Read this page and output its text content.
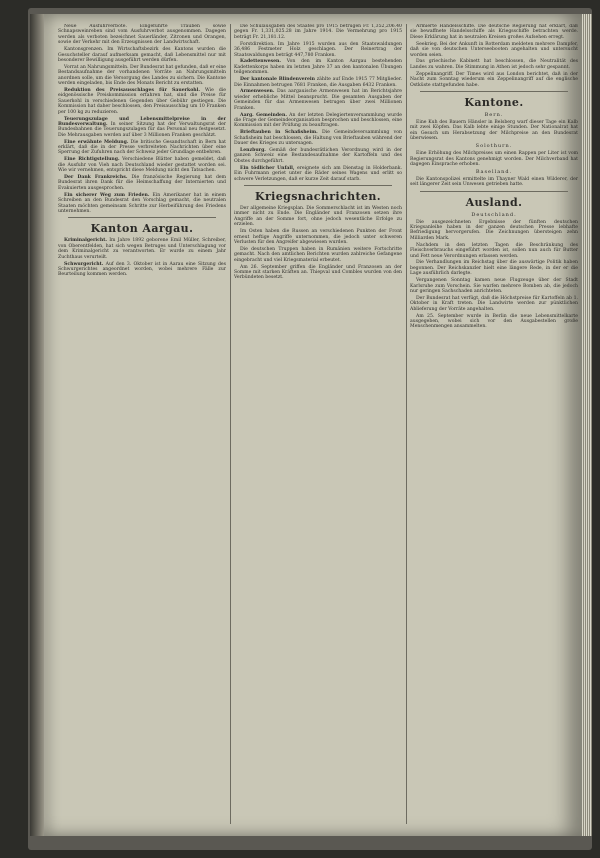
Neue Ausfuhrverbote. Eingeführte Trauben sowie Schnapsweinreben sind vom Ausfuhrverbot ausgenommen. Dagegen werden als verboten bezeichnet Sauerländer, Zitronen und Orangen, sowie der Verkehr mit den Erzeugnissen der Landwirtschaft.

Kantonsgrenzen. Im Wirtschaftsbezirk des Kantons wurden die Gesuchsteller darauf aufmerksam gemacht, daß Lebensmittel nur mit besonderer Bewilligung ausgeführt werden dürfen.

Vorrat an Nahrungsmitteln. Der Bundesrat hat gefunden, daß er eine Bestandsaufnahme der vorhandenen Vorräte an Nahrungsmitteln anordnen solle, um die Versorgung des Landes zu sichern. Die Kantone werden eingeladen, bis Ende des Monats Bericht zu erstatten.

Reduktion des Preisausschlages für Sauerkohl. Wie die eidgenössische Preiskommission erfahren hat, sind die Preise für Sauerkohl in verschiedenen Gegenden über Gebühr gestiegen. Die Kommission hat daher beschlossen, den Preisausschlag um 10 Franken per 100 kg zu reduzieren.

Teuerungszulage und Lebensmittelpreise in der Bundesverwaltung. In seiner Sitzung hat der Verwaltungsrat der Bundesbahnen die Teuerungszulagen für das Personal neu festgesetzt. Die Mehrausgaben werden auf über 3 Millionen Franken geschätzt.

Eine erwähnte Meldung. Die britische Gesandtschaft in Bern hat erklärt, daß die in der Presse verbreiteten Nachrichten über eine Sperrung der Zufuhren nach der Schweiz jeder Grundlage entbehren.

Eine Richtigstellung. Verschiedene Blätter haben gemeldet, daß die Ausfuhr von Vieh nach Deutschland wieder gestattet worden sei. Wie wir vernehmen, entspricht diese Meldung nicht den Tatsachen.

Der Dank Frankreichs. Die französische Regierung hat dem Bundesrat ihren Dank für die Heimschaffung der Internierten und Evakuierten ausgesprochen.

Ein sicherer Weg zum Frieden. Ein Amerikaner hat in einem Schreiben an den Bundesrat den Vorschlag gemacht, die neutralen Staaten möchten gemeinsam Schritte zur Herbeiführung des Friedens unternehmen.

Kanton Aargau.

Kriminalgericht. Im Jahre 1892 geborene Emil Müller, Schreiber, von Oberentfelden, hat sich wegen Betruges und Unterschlagung vor dem Kriminalgericht zu verantworten. Er wurde zu einem Jahr Zuchthaus verurteilt.

Schwurgericht. Auf den 3. Oktober ist in Aarau eine Sitzung des Schwurgerichtes angeordnet worden, wobei mehrere Fälle zur Beurteilung kommen werden.

Die Schulausgaben des Staates pro 1915 betrugen Fr. 1,352,206.40 gegen Fr. 1,331,025.28 im Jahre 1914. Die Vermehrung pro 1915 beträgt Fr. 21,181.12.

Forstdirektion. Im Jahre 1915 wurden aus den Staatswaldungen 36,486 Festmeter Holz geschlagen. Der Reinertrag der Staatswaldungen beträgt 447,780 Franken.

Kadettenwesen. Von den im Kanton Aargau bestehenden Kadettenkorps haben im letzten Jahre 37 an den kantonalen Übungen teilgenommen.

Der kantonale Blindenverein zählte auf Ende 1915 77 Mitglieder. Die Einnahmen betrugen 7681 Franken, die Ausgaben 6432 Franken.

Armenwesen. Das aargauische Armenwesen hat im Berichtsjahre wieder erhebliche Mittel beansprucht. Die gesamten Ausgaben der Gemeinden für das Armenwesen betrugen über zwei Millionen Franken.

Aarg. Gemeinden. An der letzten Delegiertenversammlung wurde die Frage der Gemeindeorganisation besprochen und beschlossen, eine Kommission mit der Prüfung zu beauftragen.

Brieftauben in Schafisheim. Die Gemeindeversammlung von Schafisheim hat beschlossen, die Haltung von Brieftauben während der Dauer des Krieges zu untersagen.

Lenzburg. Gemäß der bundesrätlichen Verordnung wird in der ganzen Schweiz eine Bestandesaufnahme der Kartoffeln und des Obstes durchgeführt.

Ein tödlicher Unfall, ereignete sich am Dienstag in Holderbank. Ein Fuhrmann geriet unter die Räder seines Wagens und erlitt so schwere Verletzungen, daß er kurze Zeit darauf starb.

Kriegsnachrichten.

Der allgemeine Kriegsplan. Die Sommerschlacht ist im Westen noch immer nicht zu Ende. Die Engländer und Franzosen setzen ihre Angriffe an der Somme fort, ohne jedoch wesentliche Erfolge zu erzielen.

Im Osten haben die Russen an verschiedenen Punkten der Front erneut heftige Angriffe unternommen, die jedoch unter schweren Verlusten für den Angreifer abgewiesen wurden.

Die deutschen Truppen haben in Rumänien weitere Fortschritte gemacht. Nach den amtlichen Berichten wurden zahlreiche Gefangene eingebracht und viel Kriegsmaterial erbeutet.

Am 26. September griffen die Engländer und Franzosen an der Somme mit starken Kräften an. Thiepval und Combles wurden von den Verbündeten besetzt.

Armierte Handelsschiffe. Die deutsche Regierung hat erklärt, daß sie bewaffnete Handelsschiffe als Kriegsschiffe betrachten werde. Diese Erklärung hat in neutralen Kreisen großes Aufsehen erregt.

Seekrieg. Bei der Ankunft in Rotterdam meldeten mehrere Dampfer, daß sie von deutschen Unterseebooten angehalten und untersucht worden seien.

Das griechische Kabinett hat beschlossen, die Neutralität des Landes zu wahren. Die Stimmung in Athen ist jedoch sehr gespannt.

Zeppelinangriff. Der Times wird aus London berichtet, daß in der Nacht zum Sonntag wiederum ein Zeppelinangriff auf die englische Ostküste stattgefunden habe.

Kantone.
Bern.

Eine Kuh des Bauern Hänsler in Belsberg warf dieser Tage ein Kalb mit zwei Köpfen. Das Kalb lebte einige Stunden. Der Nationalrat hat ein Gesuch um Herabsetzung der Milchpreise an den Bundesrat überwiesen.

Solothurn.

Eine Erhöhung des Milchpreises um einen Rappen per Liter ist vom Regierungsrat des Kantons genehmigt worden. Der Milchverband hat dagegen Einsprache erhoben.

Baselland.

Die Kantonspolizei ermittelte im Thayner Wald einen Wilderer, der seit längerer Zeit sein Unwesen getrieben hatte.

Ausland.
Deutschland.

Die ausgezeichneten Ergebnisse der fünften deutschen Kriegsanleihe haben in der ganzen deutschen Presse lebhafte Befriedigung hervorgerufen. Die Zeichnungen übersteigen zehn Milliarden Mark.

Nachdem in den letzten Tagen die Beschränkung des Fleischverbrauchs eingeführt worden ist, sollen nun auch für Butter und Fett neue Verordnungen erlassen werden.

Die Verhandlungen im Reichstag über die auswärtige Politik haben begonnen. Der Reichskanzler hielt eine längere Rede, in der er die Lage ausführlich darlegte.

Vergangenen Sonntag kamen neue Flugzeuge über der Stadt Karlsruhe zum Vorschein. Sie warfen mehrere Bomben ab, die jedoch nur geringen Sachschaden anrichteten.

Der Bundesrat hat verfügt, daß die Höchstpreise für Kartoffeln ab 1. Oktober in Kraft treten. Die Landwirte werden zur pünktlichen Ablieferung der Vorräte angehalten.

Am 25. September wurde in Berlin die neue Lebensmittelkarte ausgegeben, wobei sich vor den Ausgabestellen große Menschenmengen ansammelten.
